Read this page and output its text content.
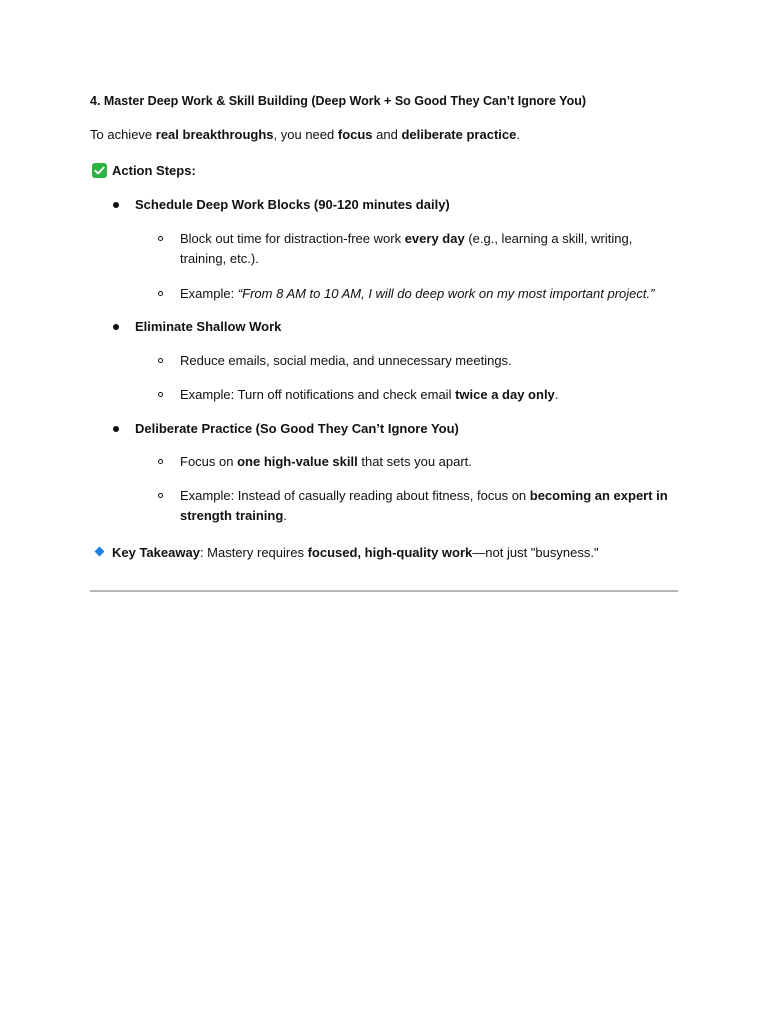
4. Master Deep Work & Skill Building (Deep Work + So Good They Can’t Ignore You)
To achieve real breakthroughs, you need focus and deliberate practice.
Action Steps:
Schedule Deep Work Blocks (90-120 minutes daily)
Block out time for distraction-free work every day (e.g., learning a skill, writing, training, etc.).
Example: “From 8 AM to 10 AM, I will do deep work on my most important project.”
Eliminate Shallow Work
Reduce emails, social media, and unnecessary meetings.
Example: Turn off notifications and check email twice a day only.
Deliberate Practice (So Good They Can’t Ignore You)
Focus on one high-value skill that sets you apart.
Example: Instead of casually reading about fitness, focus on becoming an expert in strength training.
Key Takeaway: Mastery requires focused, high-quality work—not just "busyness."
